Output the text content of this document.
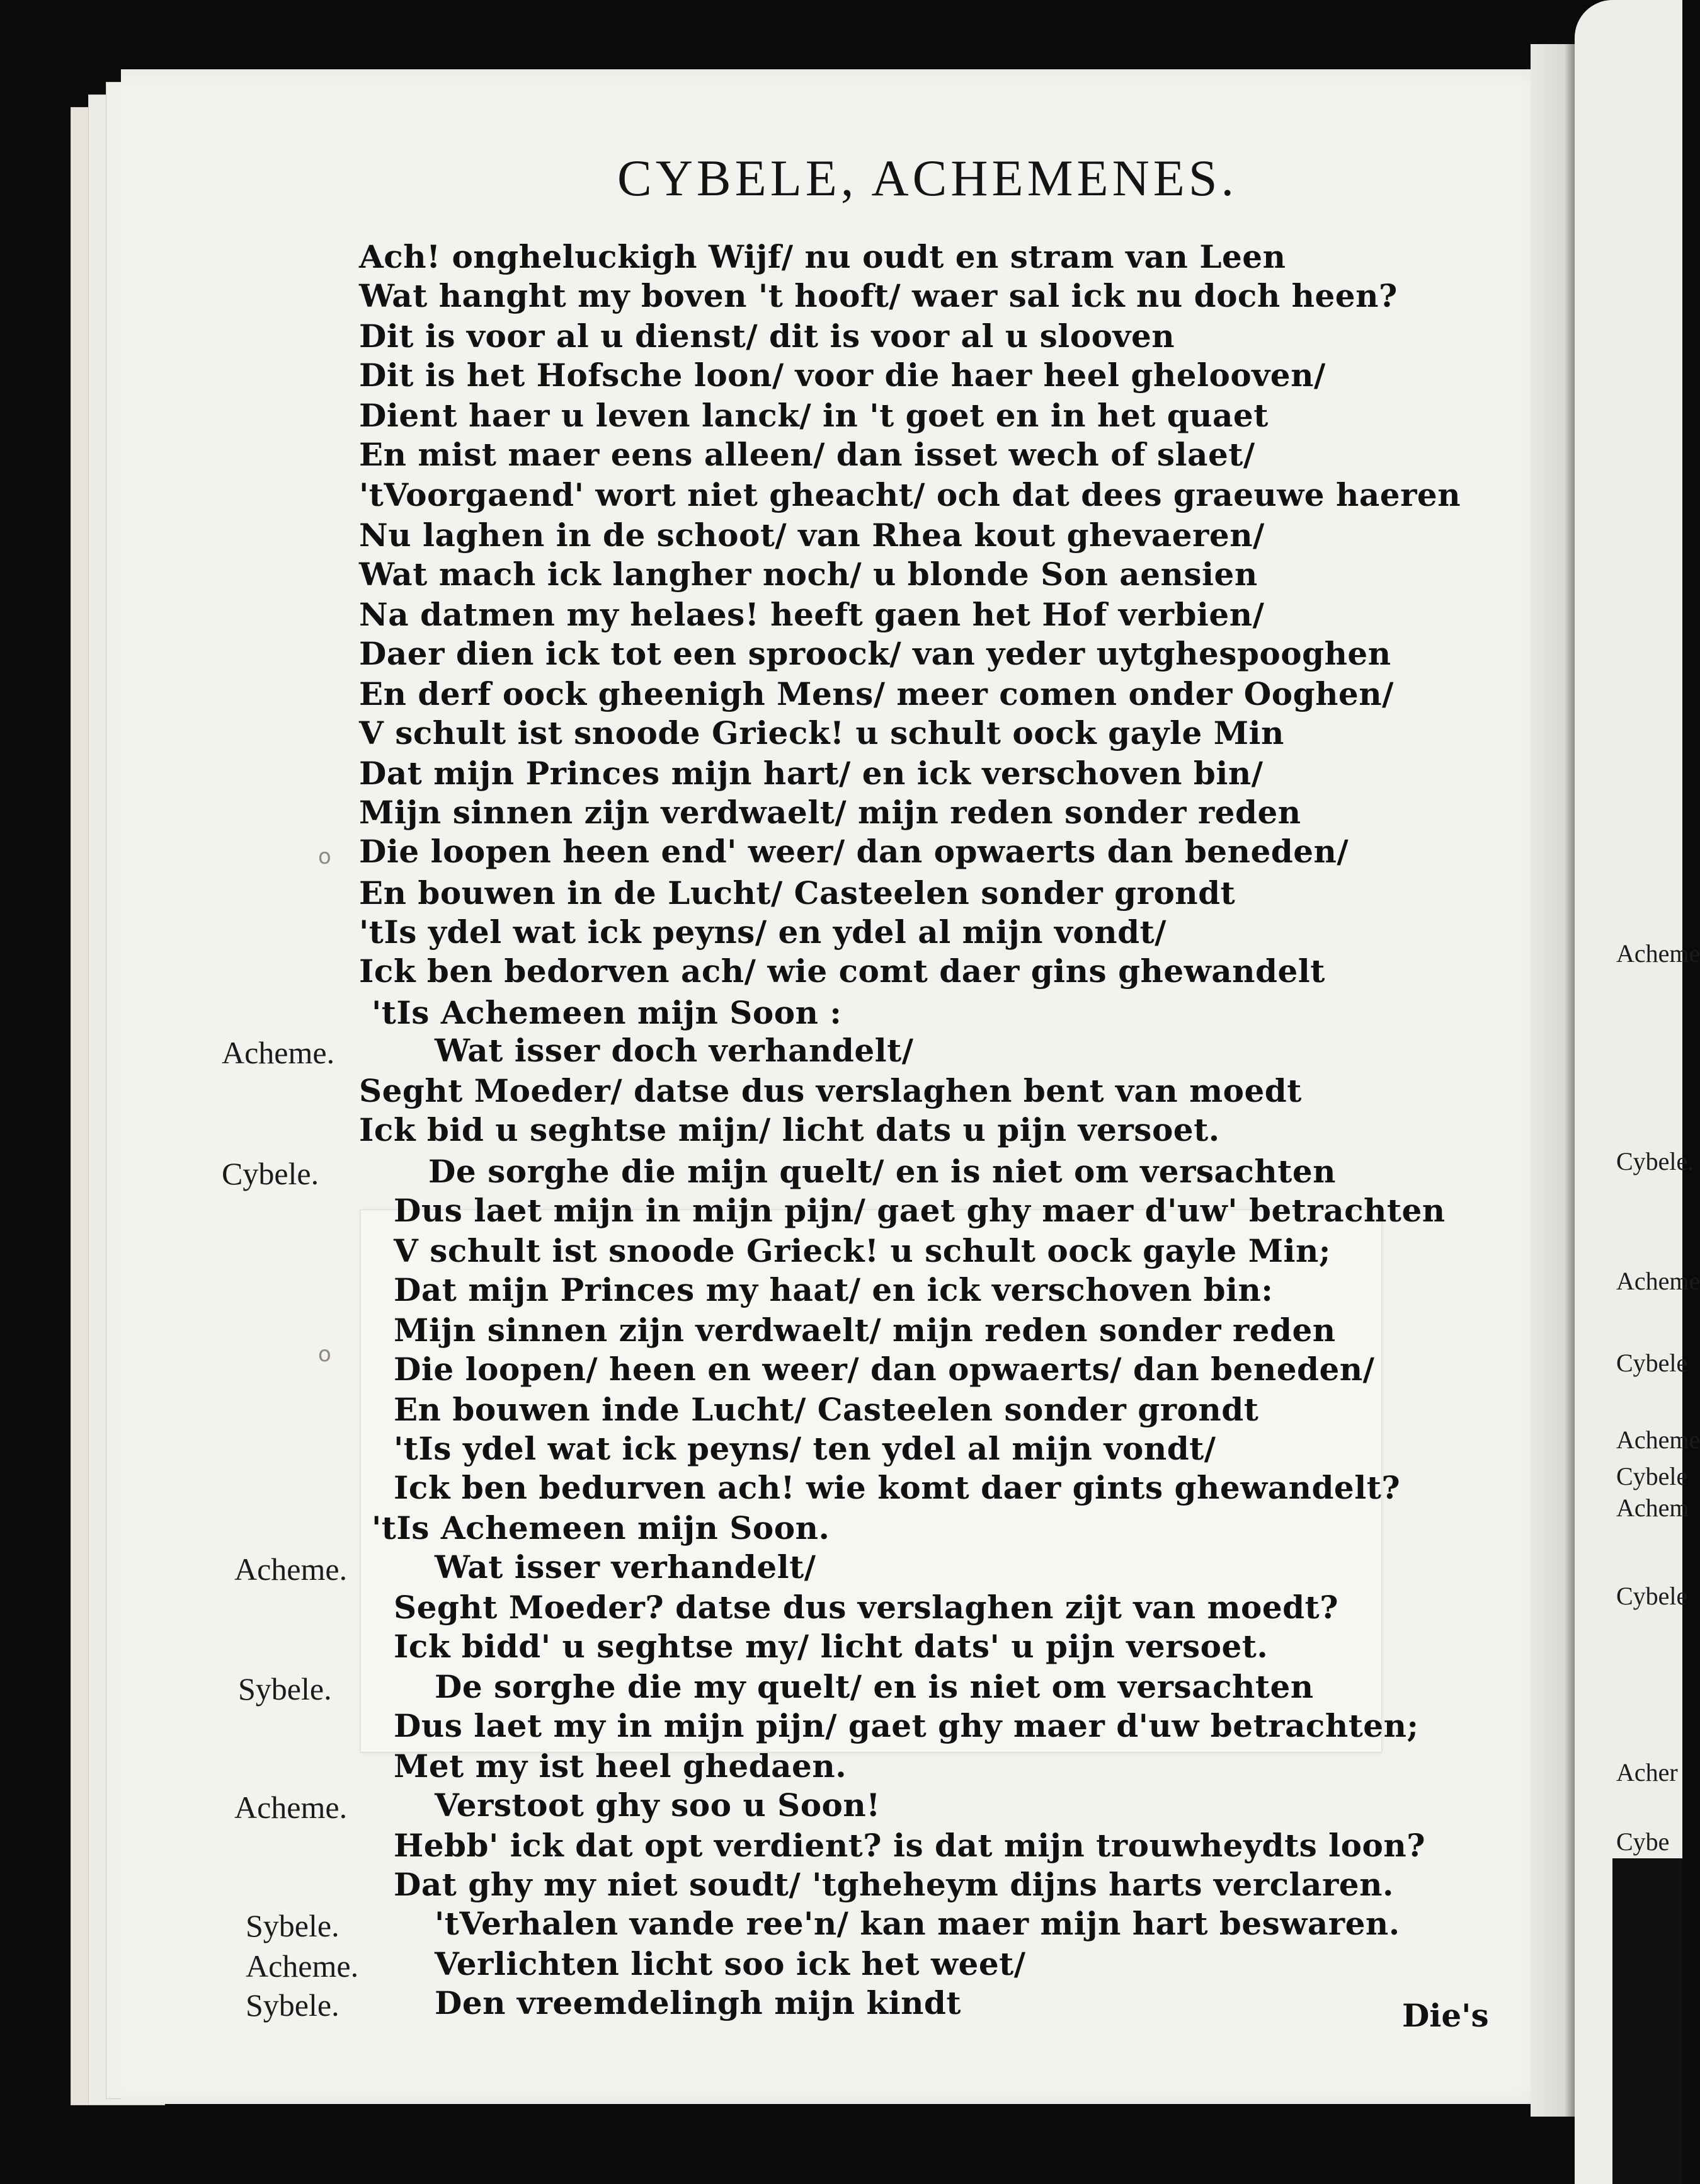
CYBELE, ACHEMENES.
Ach! ongheluckigh Wijf/ nu oudt en stram van Leen
Wat hanght my boven 't hooft/ waer sal ick nu doch heen?
Dit is voor al u dienst/ dit is voor al u slooven
Dit is het Hofsche loon/ voor die haer heel ghelooven/
Dient haer u leven lanck/ in 't goet en in het quaet
En mist maer eens alleen/ dan isset wech of slaet/
'tVoorgaend' wort niet gheacht/ och dat dees graeuwe haeren
Nu laghen in de schoot/ van Rhea kout ghevaeren/
Wat mach ick langher noch/ u blonde Son aensien
Na datmen my helaes! heeft gaen het Hof verbien/
Daer dien ick tot een sproock/ van yeder uytghespooghen
En derf oock gheenigh Mens/ meer comen onder Ooghen/
V schult ist snoode Grieck! u schult oock gayle Min
Dat mijn Princes mijn hart/ en ick verschoven bin/
Mijn sinnen zijn verdwaelt/ mijn reden sonder reden
Die loopen heen end' weer/ dan opwaerts dan beneden/
En bouwen in de Lucht/ Casteelen sonder grondt
'tIs ydel wat ick peyns/ en ydel al mijn vondt/
Ick ben bedorven ach/ wie comt daer gins ghewandelt
'tIs Achemeen mijn Soon :
Wat isser doch verhandelt/
Acheme.
Seght Moeder/ datse dus verslaghen bent van moedt
Ick bid u seghtse mijn/ licht dats u pijn versoet.
De sorghe die mijn quelt/ en is niet om versachten
Cybele.
Dus laet mijn in mijn pijn/ gaet ghy maer d'uw' betrachten
V schult ist snoode Grieck! u schult oock gayle Min;
Dat mijn Princes my haat/ en ick verschoven bin:
Mijn sinnen zijn verdwaelt/ mijn reden sonder reden
Die loopen/ heen en weer/ dan opwaerts/ dan beneden/
En bouwen inde Lucht/ Casteelen sonder grondt
'tIs ydel wat ick peyns/ ten ydel al mijn vondt/
Ick ben bedurven ach! wie komt daer gints ghewandelt?
'tIs Achemeen mijn Soon.
Wat isser verhandelt/
Acheme.
Seght Moeder? datse dus verslaghen zijt van moedt?
Ick bidd' u seghtse my/ licht dats' u pijn versoet.
De sorghe die my quelt/ en is niet om versachten
Sybele.
Dus laet my in mijn pijn/ gaet ghy maer d'uw betrachten;
Met my ist heel ghedaen.
Verstoot ghy soo u Soon!
Acheme.
Hebb' ick dat opt verdient? is dat mijn trouwheydts loon?
Dat ghy my niet soudt/ 'tgheheym dijns harts verclaren.
'tVerhalen vande ree'n/ kan maer mijn hart beswaren.
Sybele.
Verlichten licht soo ick het weet/
Acheme.
Den vreemdelingh mijn kindt
Sybele.	Die's
o
o
Acheme
Cybele.
Acheme
Cybele
Acheme
Cybele
Achem
Cybele
Acher
Cybe
